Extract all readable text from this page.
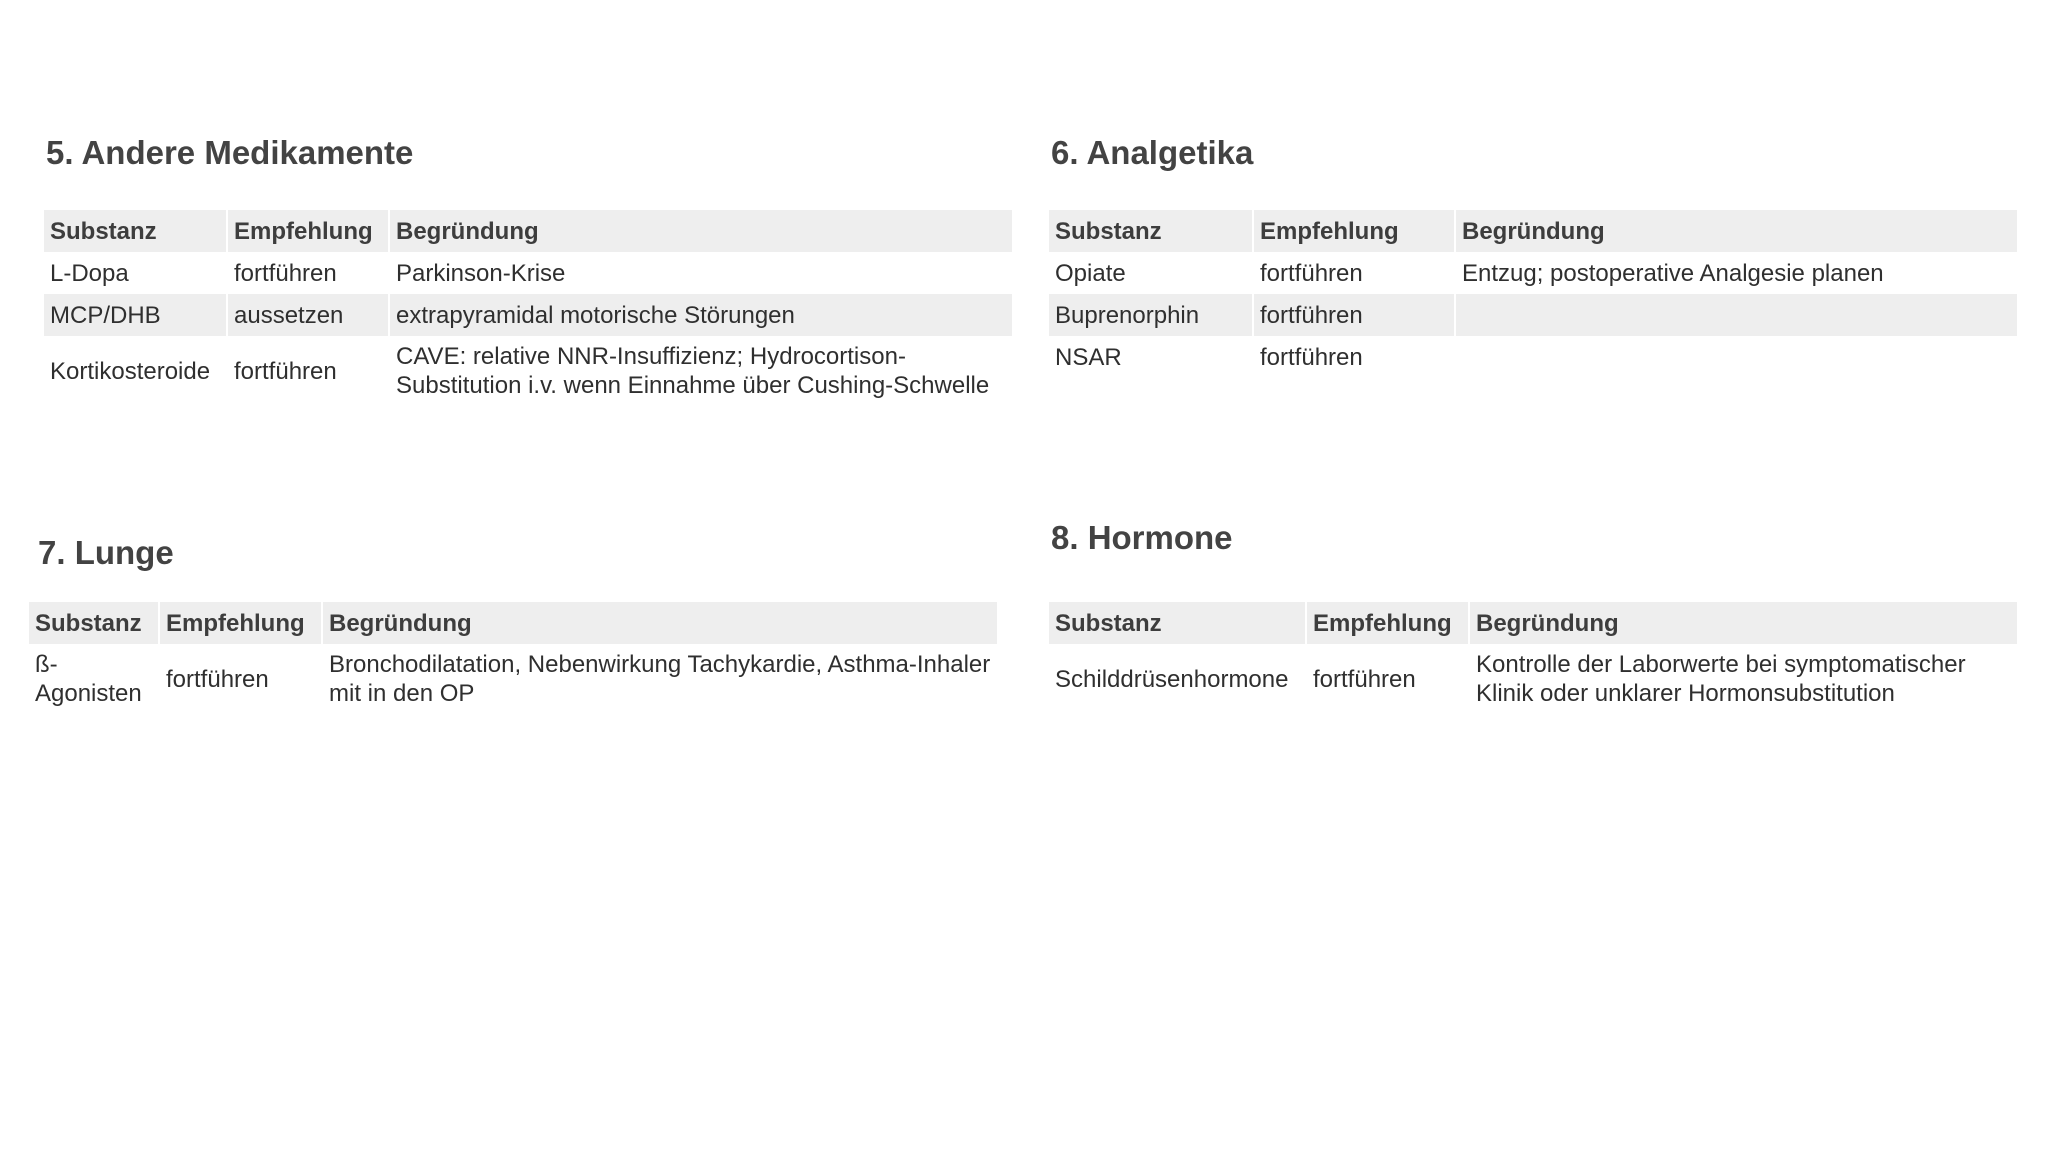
5. Andere Medikamente
Substanz	Empfehlung	Begründung
L-Dopa	fortführen	Parkinson-Krise
MCP/DHB	aussetzen	extrapyramidal motorische Störungen
Kortikosteroide	fortführen	CAVE: relative NNR-Insuffizienz; Hydrocortison-Substitution i.v. wenn Einnahme über Cushing-Schwelle
6. Analgetika
Substanz	Empfehlung	Begründung
Opiate	fortführen	Entzug; postoperative Analgesie planen
Buprenorphin	fortführen	
NSAR	fortführen	
7. Lunge
Substanz	Empfehlung	Begründung
ß-Agonisten	fortführen	Bronchodilatation, Nebenwirkung Tachykardie, Asthma-Inhaler mit in den OP
8. Hormone
Substanz	Empfehlung	Begründung
Schilddrüsenhormone	fortführen	Kontrolle der Laborwerte bei symptomatischer Klinik oder unklarer Hormonsubstitution
